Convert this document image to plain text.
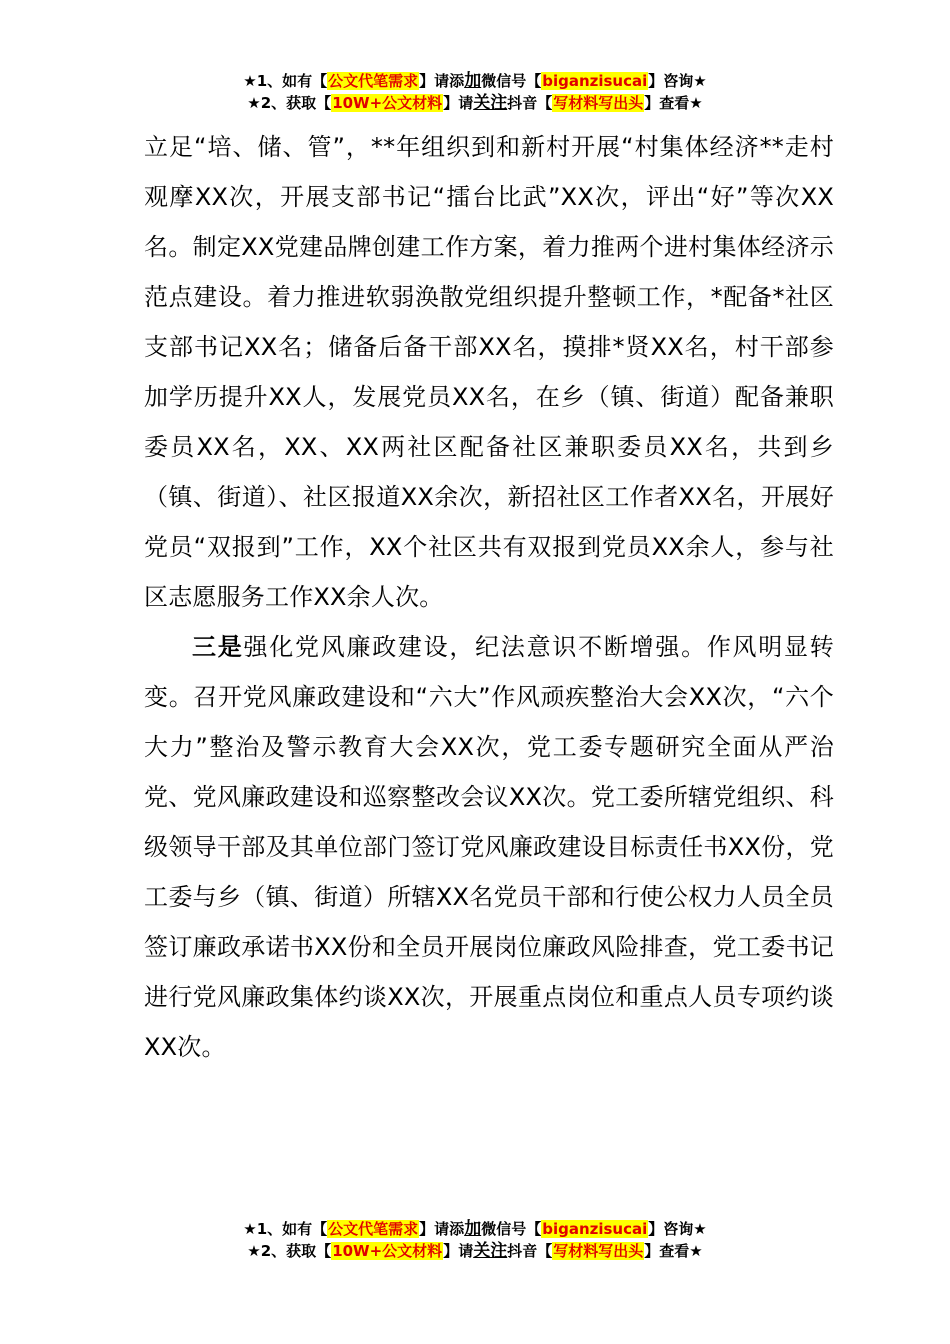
★1、如有【公文代笔需求】请添加微信号【biganzisucai】咨询★
★2、获取【10W+公文材料】请关注抖音【写材料写出头】查看★

立足“培、储、管”，**年组织到和新村开展“村集体经济**走村观摩XX次，开展支部书记“擂台比武”XX次，评出“好”等次XX名。制定XX党建品牌创建工作方案，着力推两个进村集体经济示范点建设。着力推进软弱涣散党组织提升整顿工作，*配备*社区支部书记XX名；储备后备干部XX名，摸排*贤XX名，村干部参加学历提升XX人，发展党员XX名，在乡（镇、街道）配备兼职委员XX名，XX、XX两社区配备社区兼职委员XX名，共到乡（镇、街道）、社区报道XX余次，新招社区工作者XX名，开展好党员“双报到”工作，XX个社区共有双报到党员XX余人，参与社区志愿服务工作XX余人次。

三是强化党风廉政建设，纪法意识不断增强。作风明显转变。召开党风廉政建设和“六大”作风顽疾整治大会XX次，“六个大力”整治及警示教育大会XX次，党工委专题研究全面从严治党、党风廉政建设和巡察整改会议XX次。党工委所辖党组织、科级领导干部及其单位部门签订党风廉政建设目标责任书XX份，党工委与乡（镇、街道）所辖XX名党员干部和行使公权力人员全员签订廉政承诺书XX份和全员开展岗位廉政风险排查，党工委书记进行党风廉政集体约谈XX次，开展重点岗位和重点人员专项约谈XX次。

★1、如有【公文代笔需求】请添加微信号【biganzisucai】咨询★
★2、获取【10W+公文材料】请关注抖音【写材料写出头】查看★
